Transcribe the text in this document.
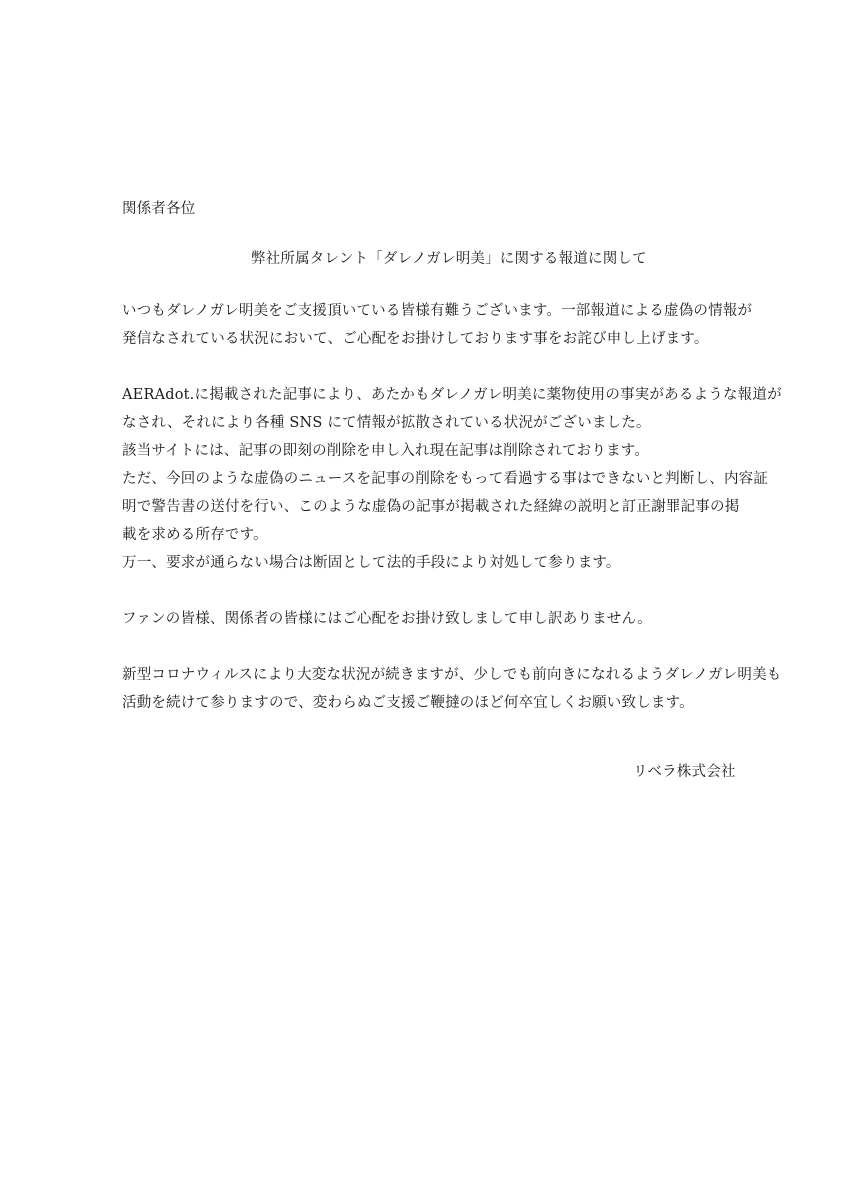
関係者各位
弊社所属タレント「ダレノガレ明美」に関する報道に関して
いつもダレノガレ明美をご支援頂いている皆様有難うございます。一部報道による虚偽の情報が
発信なされている状況において、ご心配をお掛けしております事をお詫び申し上げます。
AERAdot.に掲載された記事により、あたかもダレノガレ明美に薬物使用の事実があるような報道が
なされ、それにより各種 SNS にて情報が拡散されている状況がございました。
該当サイトには、記事の即刻の削除を申し入れ現在記事は削除されております。
ただ、今回のような虚偽のニュースを記事の削除をもって看過する事はできないと判断し、内容証
明で警告書の送付を行い、このような虚偽の記事が掲載された経緯の説明と訂正謝罪記事の掲
載を求める所存です。
万一、要求が通らない場合は断固として法的手段により対処して参ります。
ファンの皆様、関係者の皆様にはご心配をお掛け致しまして申し訳ありません。
新型コロナウィルスにより大変な状況が続きますが、少しでも前向きになれるようダレノガレ明美も
活動を続けて参りますので、変わらぬご支援ご鞭撻のほど何卒宜しくお願い致します。
リベラ株式会社
